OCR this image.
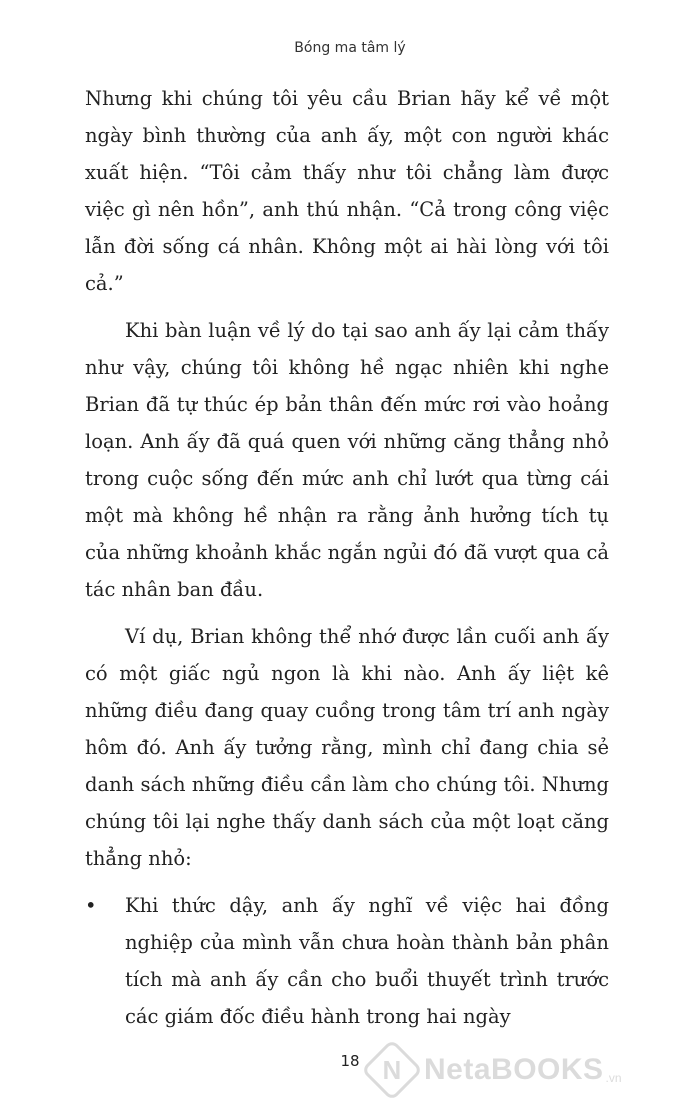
Bóng ma tâm lý

Nhưng khi chúng tôi yêu cầu Brian hãy kể về một ngày bình thường của anh ấy, một con người khác xuất hiện. “Tôi cảm thấy như tôi chẳng làm được việc gì nên hồn”, anh thú nhận. “Cả trong công việc lẫn đời sống cá nhân. Không một ai hài lòng với tôi cả.”

Khi bàn luận về lý do tại sao anh ấy lại cảm thấy như vậy, chúng tôi không hề ngạc nhiên khi nghe Brian đã tự thúc ép bản thân đến mức rơi vào hoảng loạn. Anh ấy đã quá quen với những căng thẳng nhỏ trong cuộc sống đến mức anh chỉ lướt qua từng cái một mà không hề nhận ra rằng ảnh hưởng tích tụ của những khoảnh khắc ngắn ngủi đó đã vượt qua cả tác nhân ban đầu.

Ví dụ, Brian không thể nhớ được lần cuối anh ấy có một giấc ngủ ngon là khi nào. Anh ấy liệt kê những điều đang quay cuồng trong tâm trí anh ngày hôm đó. Anh ấy tưởng rằng, mình chỉ đang chia sẻ danh sách những điều cần làm cho chúng tôi. Nhưng chúng tôi lại nghe thấy danh sách của một loạt căng thẳng nhỏ:

•	Khi thức dậy, anh ấy nghĩ về việc hai đồng nghiệp của mình vẫn chưa hoàn thành bản phân tích mà anh ấy cần cho buổi thuyết trình trước các giám đốc điều hành trong hai ngày
18 N NetaBOOKS .vn
